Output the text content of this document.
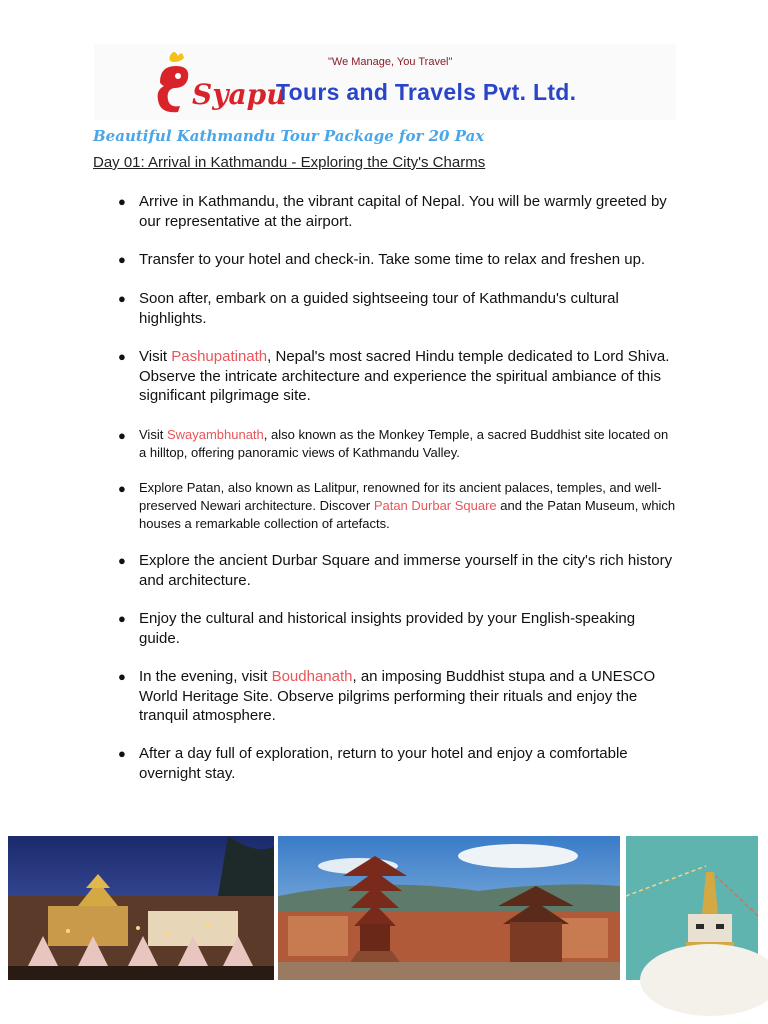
Syapu
"We Manage, You Travel"
Tours and Travels Pvt. Ltd.
Beautiful Kathmandu Tour Package for 20 Pax
Day 01: Arrival in Kathmandu - Exploring the City's Charms
● Arrive in Kathmandu, the vibrant capital of Nepal. You will be warmly greeted by our representative at the airport.
● Transfer to your hotel and check-in. Take some time to relax and freshen up.
● Soon after, embark on a guided sightseeing tour of Kathmandu's cultural highlights.
● Visit Pashupatinath, Nepal's most sacred Hindu temple dedicated to Lord Shiva. Observe the intricate architecture and experience the spiritual ambiance of this significant pilgrimage site.
●	Visit Swayambhunath, also known as the Monkey Temple, a sacred Buddhist site located on a hilltop, offering panoramic views of Kathmandu Valley.
●	Explore Patan, also known as Lalitpur, renowned for its ancient palaces, temples, and well-preserved Newari architecture. Discover Patan Durbar Square and the Patan Museum, which houses a remarkable collection of artefacts.
● Explore the ancient Durbar Square and immerse yourself in the city's rich history and architecture.
● Enjoy the cultural and historical insights provided by your English-speaking guide.
● In the evening, visit Boudhanath, an imposing Buddhist stupa and a UNESCO World Heritage Site. Observe pilgrims performing their rituals and enjoy the tranquil atmosphere.
● After a day full of exploration, return to your hotel and enjoy a comfortable overnight stay.
